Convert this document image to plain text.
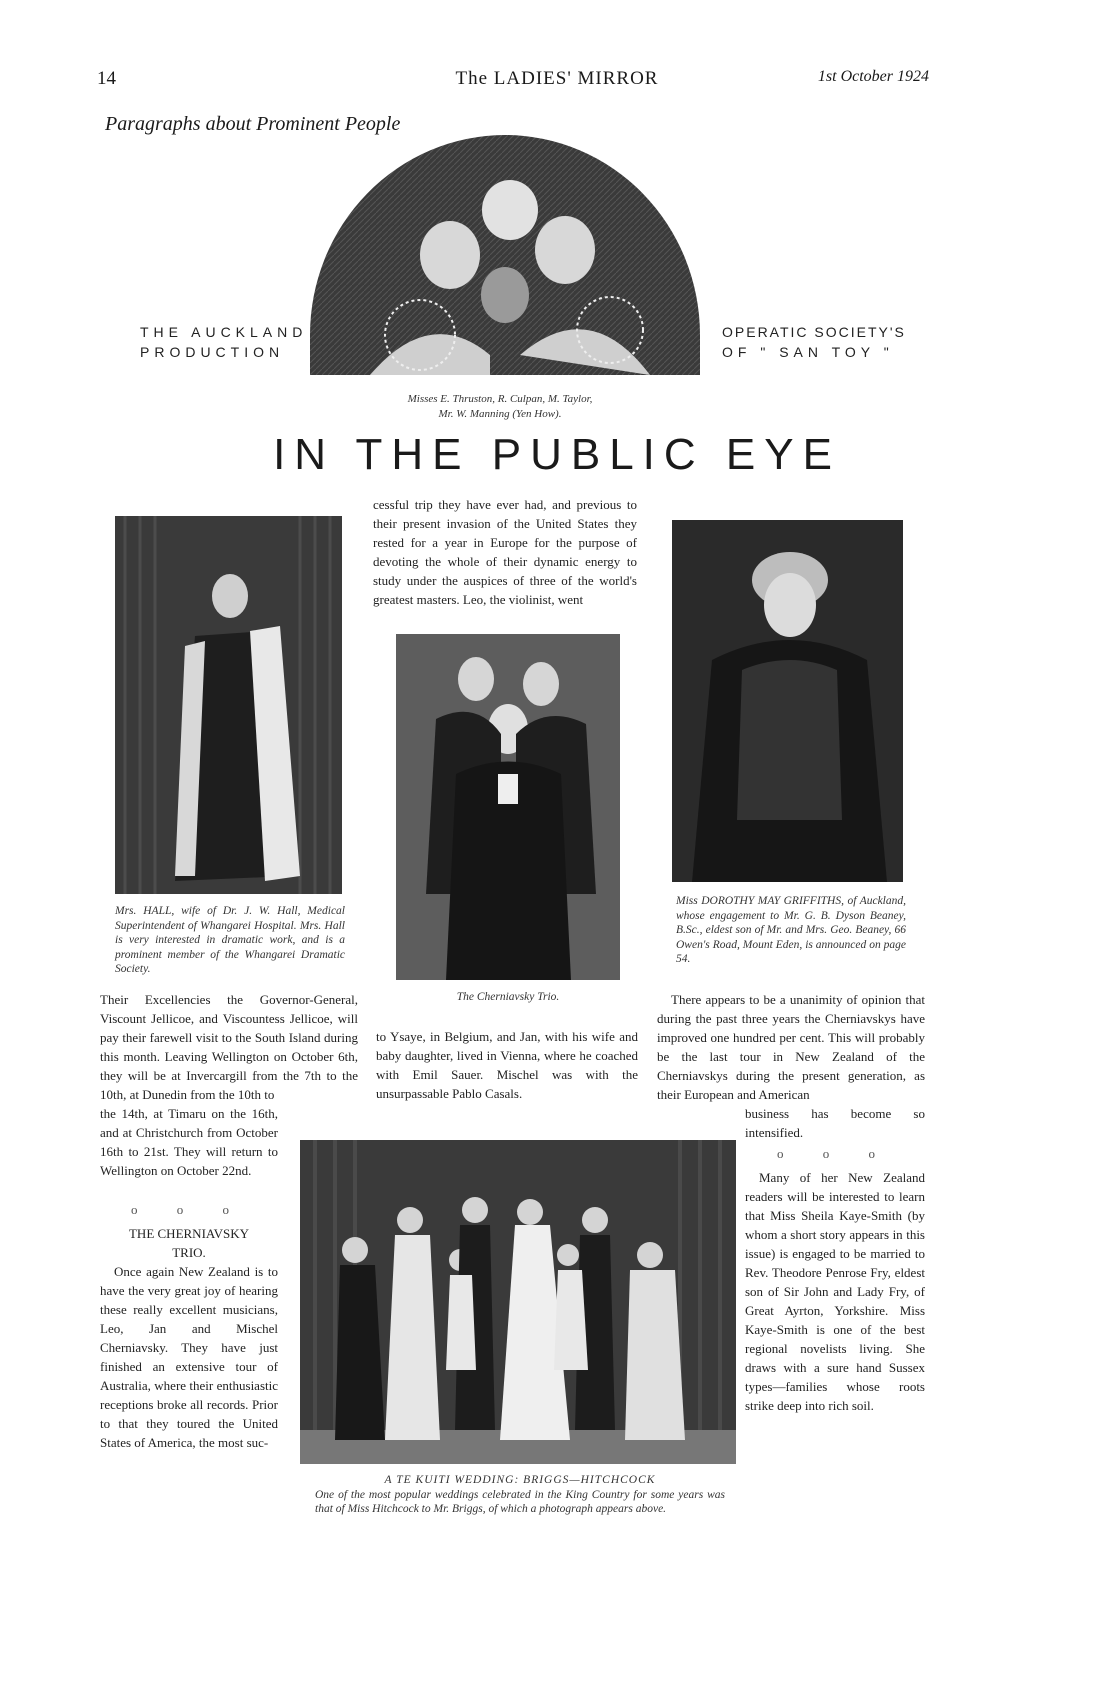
14	The LADIES' MIRROR	1st October 1924
Paragraphs about Prominent People
THE AUCKLAND
PRODUCTION
OPERATIC SOCIETY'S
OF " SAN TOY "
Misses E. Thruston, R. Culpan, M. Taylor,
Mr. W. Manning (Yen How).
IN THE PUBLIC EYE
Mrs. HALL, wife of Dr. J. W. Hall, Medical Superintendent of Whangarei Hospital. Mrs. Hall is very interested in dramatic work, and is a prominent member of the Whangarei Dramatic Society.
cessful trip they have ever had, and previous to their present invasion of the United States they rested for a year in Europe for the purpose of devoting the whole of their dynamic energy to study under the auspices of three of the world's greatest masters. Leo, the violinist, went
The Cherniavsky Trio.
Miss DOROTHY MAY GRIFFITHS, of Auckland, whose engagement to Mr. G. B. Dyson Beaney, B.Sc., eldest son of Mr. and Mrs. Geo. Beaney, 66 Owen's Road, Mount Eden, is announced on page 54.
Their Excellencies the Governor-General, Viscount Jellicoe, and Viscountess Jellicoe, will pay their farewell visit to the South Island during this month. Leaving Wellington on October 6th, they will be at Invercargill from the 7th to the 10th, at Dunedin from the 10th to
the 14th, at Timaru on the 16th, and at Christchurch from October 16th to 21st. They will return to Wellington on October 22nd.
o o o
THE CHERNIAVSKY
TRIO.
Once again New Zealand is to have the very great joy of hearing these really excellent musicians, Leo, Jan and Mischel Cherniavsky. They have just finished an extensive tour of Australia, where their enthusiastic receptions broke all records. Prior to that they toured the United States of America, the most suc-
to Ysaye, in Belgium, and Jan, with his wife and baby daughter, lived in Vienna, where he coached with Emil Sauer. Mischel was with the unsurpassable Pablo Casals.
There appears to be a unanimity of opinion that during the past three years the Cherniavskys have improved one hundred per cent. This will probably be the last tour in New Zealand of the Cherniavskys during the present generation, as their European and American
business has become so intensified.
o o o
Many of her New Zealand readers will be interested to learn that Miss Sheila Kaye-Smith (by whom a short story appears in this issue) is engaged to be married to Rev. Theodore Penrose Fry, eldest son of Sir John and Lady Fry, of Great Ayrton, Yorkshire. Miss Kaye-Smith is one of the best regional novelists living. She draws with a sure hand Sussex types—families whose roots strike deep into rich soil.
A TE KUITI WEDDING: BRIGGS—HITCHCOCK
One of the most popular weddings celebrated in the King Country for some years was that of Miss Hitchcock to Mr. Briggs, of which a photograph appears above.
